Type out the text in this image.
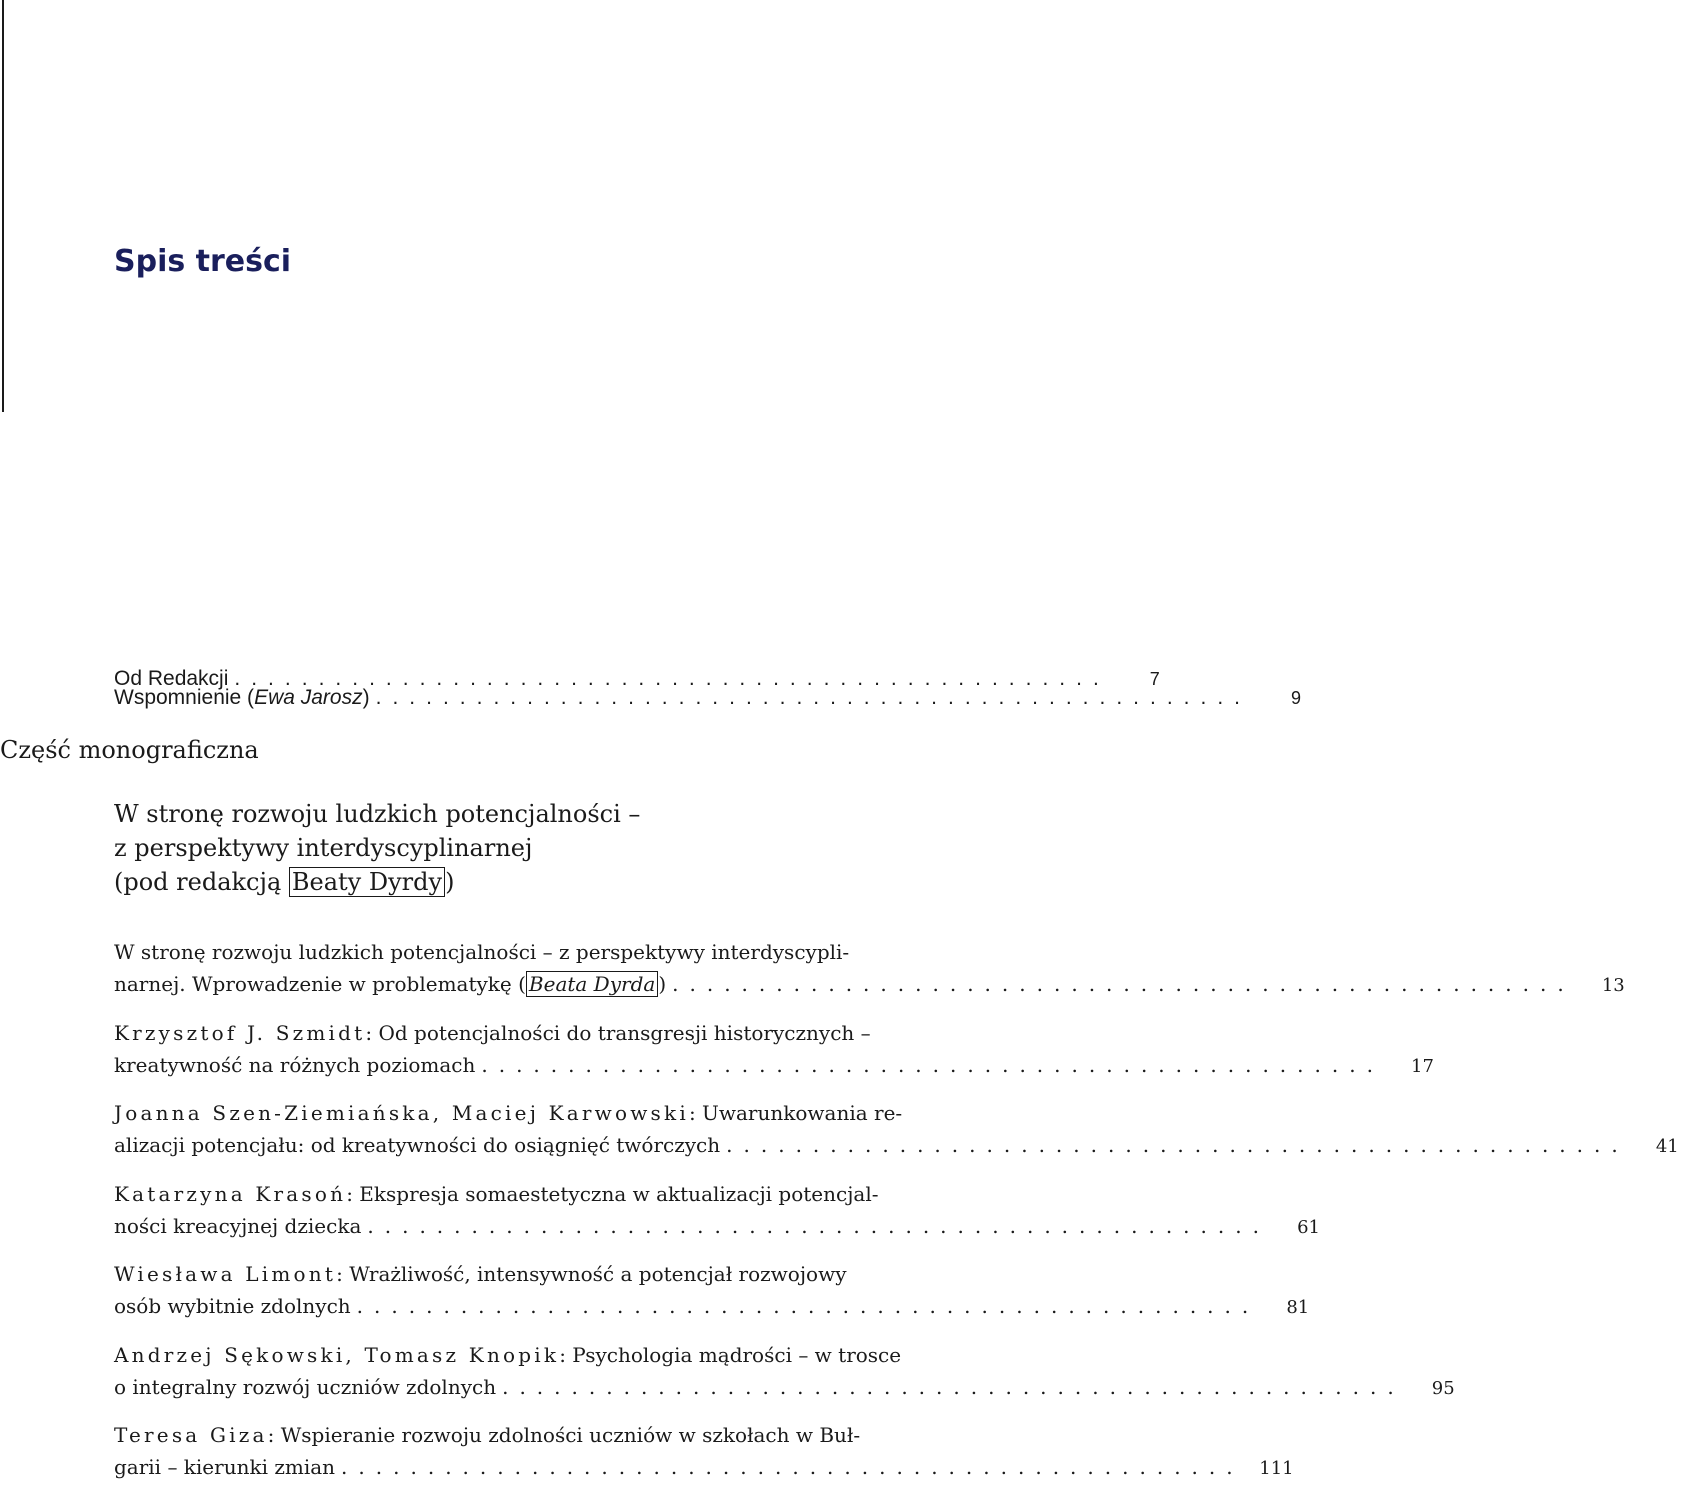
Spis treści
Od Redakcji ....................................................	7
Wspomnienie (Ewa Jarosz) ....................................................	9
Część monograficzna
W stronę rozwoju ludzkich potencjalności –
z perspektywy interdyscyplinarnej
(pod redakcją Beaty Dyrdy )
W stronę rozwoju ludzkich potencjalności – z perspektywy interdyscypli-
narnej. Wprowadzenie w problematykę ( Beata Dyrda ) ....................................................	13
Krzysztof J. Szmidt: Od potencjalności do transgresji historycznych –
kreatywność na różnych poziomach ....................................................	17
Joanna Szen-Ziemiańska, Maciej Karwowski: Uwarunkowania re-
alizacji potencjału: od kreatywności do osiągnięć twórczych ....................................................	41
Katarzyna Krasoń: Ekspresja somaestetyczna w aktualizacji potencjal-
ności kreacyjnej dziecka ....................................................	61
Wiesława Limont: Wrażliwość, intensywność a potencjał rozwojowy
osób wybitnie zdolnych ....................................................	81
Andrzej Sękowski, Tomasz Knopik: Psychologia mądrości – w trosce
o integralny rozwój uczniów zdolnych ....................................................	95
Teresa Giza: Wspieranie rozwoju zdolności uczniów w szkołach w Buł-
garii – kierunki zmian .................................................... 111
